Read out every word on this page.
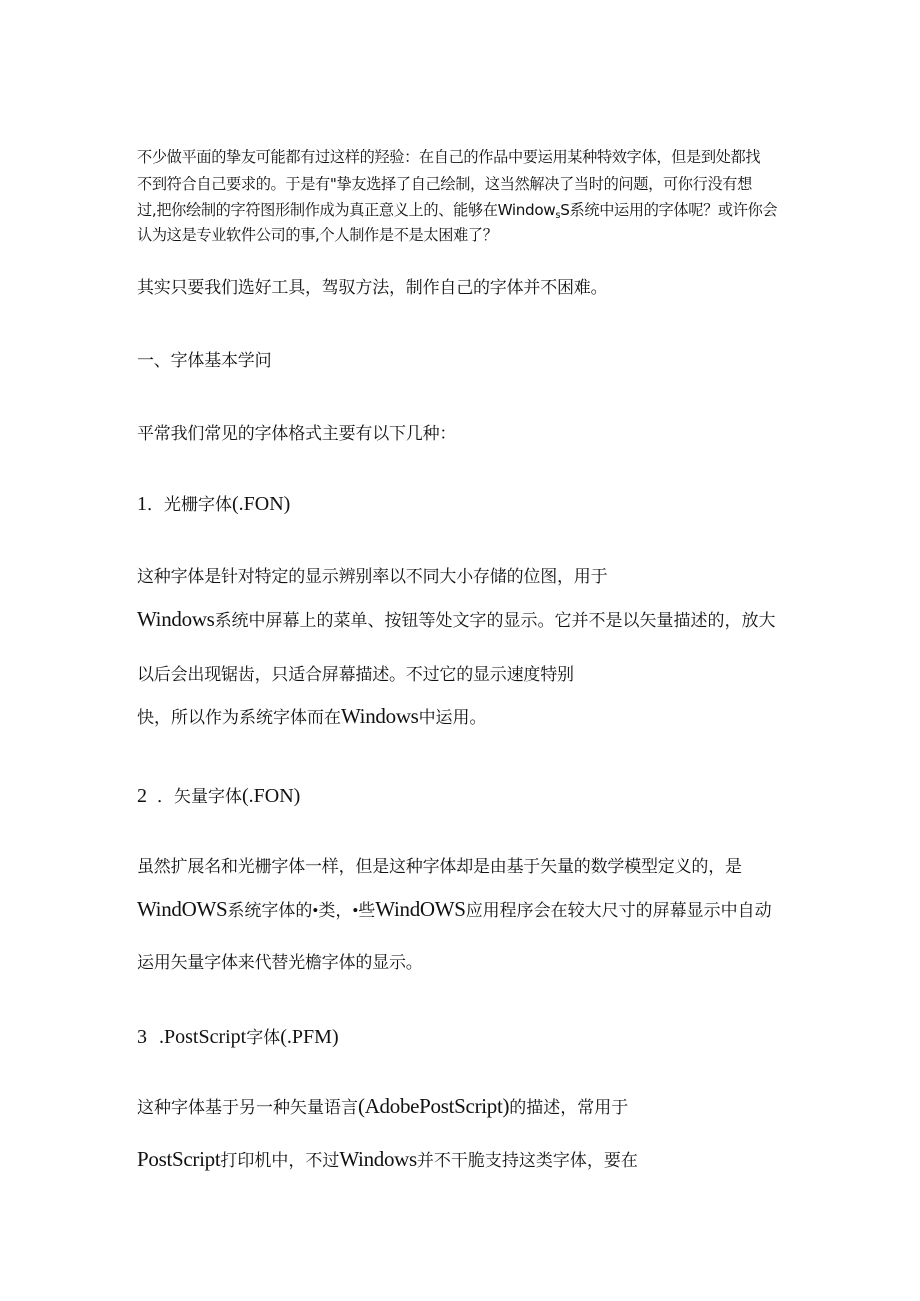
不少做平面的挚友可能都有过这样的羟验：在自己的作品中要运用某种特效字体，但是到处都找
不到符合自己要求的。于是有"挚友选择了自己绘制，这当然解决了当时的问题，可你行没有想
过,把你绘制的字符图形制作成为真正意义上的、能够在WindowsS系统中运用的字体呢？或许你会
认为这是专业软件公司的事,个人制作是不是太困难了？
其实只要我们选好工具，驾驭方法，制作自己的字体并不困难。
一、字体基本学问
平常我们常见的字体格式主要有以下几种：
1．光栅字体(.FON)
这种字体是针对特定的显示辨别率以不同大小存储的位图，用于
Windows系统中屏幕上的菜单、按钮等处文字的显示。它并不是以矢量描述的，放大
以后会出现锯齿，只适合屏幕描述。不过它的显示速度特别
快，所以作为系统字体而在Windows中运用。
2 ．矢量字体(.FON)
虽然扩展名和光栅字体一样，但是这种字体却是由基于矢量的数学模型定义的，是
WindOWS系统字体的•类，•些WindOWS应用程序会在较大尺寸的屏幕显示中自动
运用矢量字体来代替光檐字体的显示。
3 .PostScript字体(.PFM)
这种字体基于另一种矢量语言(AdobePostScript)的描述，常用于
PostScript打印机中，不过Windows并不干脆支持这类字体，要在
